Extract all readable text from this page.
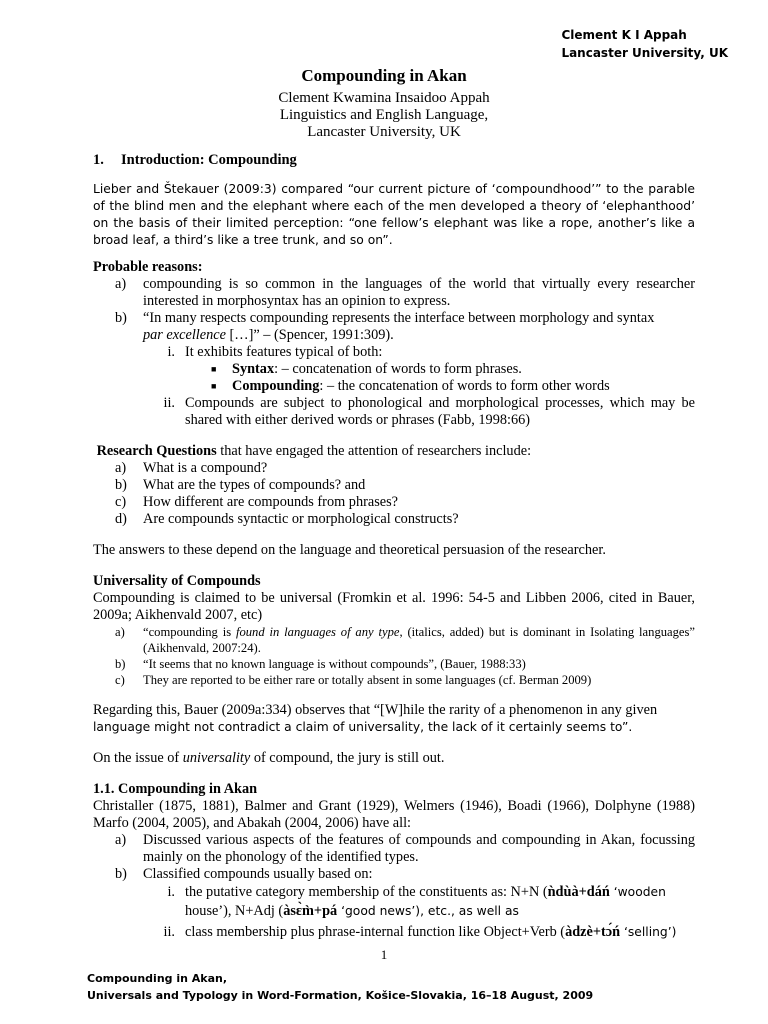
Clement K I Appah
Lancaster University, UK
Compounding in Akan
Clement Kwamina Insaidoo Appah
Linguistics and English Language,
Lancaster University, UK
1. Introduction: Compounding

Lieber and Štekauer (2009:3) compared “our current picture of ‘compoundhood’” to the parable of the blind men and the elephant where each of the men developed a theory of ‘elephanthood’ on the basis of their limited perception: “one fellow’s elephant was like a rope, another’s like a broad leaf, a third’s like a tree trunk, and so on”.

Probable reasons:
a) compounding is so common in the languages of the world that virtually every researcher interested in morphosyntax has an opinion to express.
b) “In many respects compounding represents the interface between morphology and syntax
par excellence […]” – (Spencer, 1991:309).
i. It exhibits features typical of both:
■ Syntax: – concatenation of words to form phrases.
■ Compounding: – the concatenation of words to form other words
ii. Compounds are subject to phonological and morphological processes, which may be shared with either derived words or phrases (Fabb, 1998:66)
Research Questions that have engaged the attention of researchers include:
a) What is a compound?
b) What are the types of compounds? and
c) How different are compounds from phrases?
d) Are compounds syntactic or morphological constructs?

The answers to these depend on the language and theoretical persuasion of the researcher.

Universality of Compounds

Compounding is claimed to be universal (Fromkin et al. 1996: 54-5 and Libben 2006, cited in Bauer, 2009a; Aikhenvald 2007, etc)

a) “compounding is found in languages of any type, (italics, added) but is dominant in Isolating languages” (Aikhenvald, 2007:24).
b) “It seems that no known language is without compounds”, (Bauer, 1988:33)
c) They are reported to be either rare or totally absent in some languages (cf. Berman 2009)

Regarding this, Bauer (2009a:334) observes that “[W]hile the rarity of a phenomenon in any given

language might not contradict a claim of universality, the lack of it certainly seems to”.

On the issue of universality of compound, the jury is still out.

1.1. Compounding in Akan

Christaller (1875, 1881), Balmer and Grant (1929), Welmers (1946), Boadi (1966), Dolphyne (1988) Marfo (2004, 2005), and Abakah (2004, 2006) have all:

a) Discussed various aspects of the features of compounds and compounding in Akan, focussing mainly on the phonology of the identified types.
b) Classified compounds usually based on:
i. the putative category membership of the constituents as: N+N (ǹdùà+dáń ‘wooden
house’), N+Adj (àsɛ̀m̀+pá ‘good news’), etc., as well as
ii. class membership plus phrase-internal function like Object+Verb (àdzè+tɔ́ń ‘selling’)
1
Compounding in Akan,
Universals and Typology in Word-Formation, Košice-Slovakia, 16–18 August, 2009
